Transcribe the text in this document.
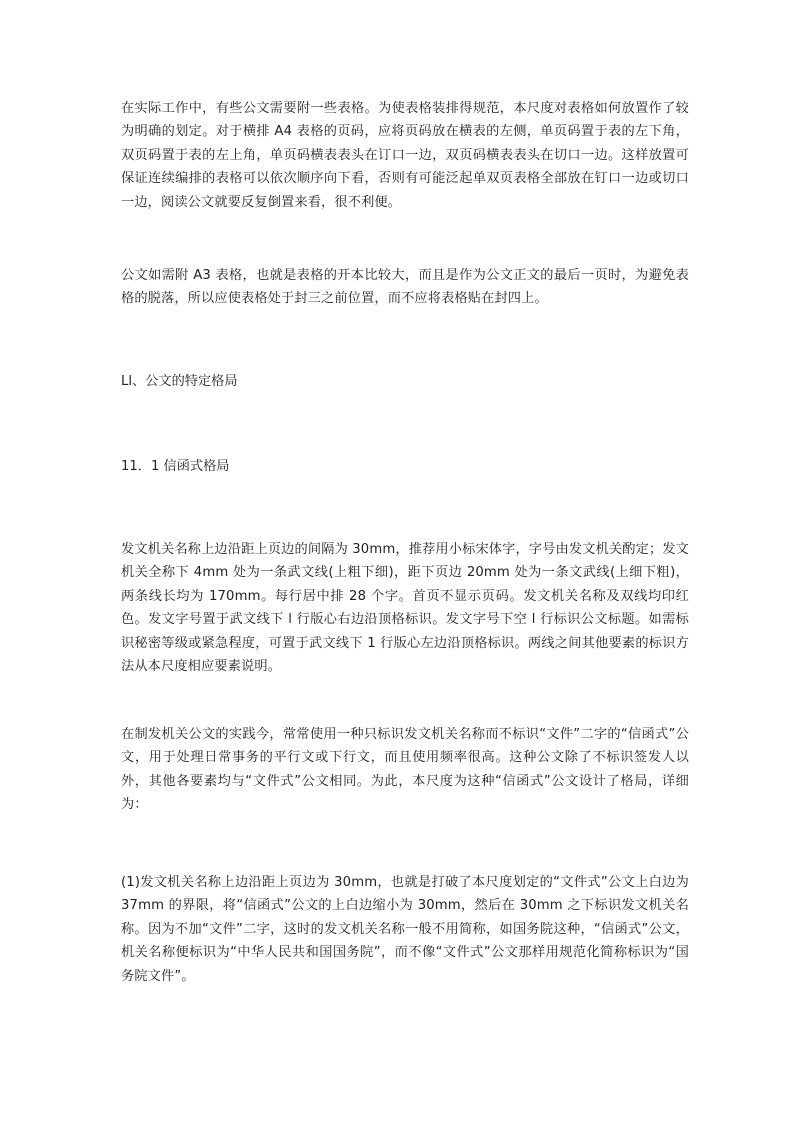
在实际工作中，有些公文需要附一些表格。为使表格装排得规范，本尺度对表格如何放置作了较为明确的划定。对于横排 A4 表格的页码，应将页码放在横表的左侧，单页码置于表的左下角，双页码置于表的左上角，单页码横表表头在订口一边，双页码横表表头在切口一边。这样放置可保证连续编排的表格可以依次顺序向下看，否则有可能泛起单双页表格全部放在钉口一边或切口一边，阅读公文就要反复倒置来看，很不利便。
公文如需附 A3 表格，也就是表格的开本比较大，而且是作为公文正文的最后一页时，为避免表格的脱落，所以应使表格处于封三之前位置，而不应将表格贴在封四上。
Ll、公文的特定格局
11．1 信函式格局
发文机关名称上边沿距上页边的间隔为 30mm，推荐用小标宋体字，字号由发文机关酌定；发文机关全称下 4mm 处为一条武文线(上粗下细)，距下页边 20mm 处为一条文武线(上细下粗)，两条线长均为 170mm。每行居中排 28 个字。首页不显示页码。发文机关名称及双线均印红色。发文字号置于武文线下 l 行版心右边沿顶格标识。发文字号下空 l 行标识公文标题。如需标识秘密等级或紧急程度，可置于武文线下 1 行版心左边沿顶格标识。两线之间其他要素的标识方法从本尺度相应要素说明。
在制发机关公文的实践今，常常使用一种只标识发文机关名称而不标识“文件”二字的“信函式”公文，用于处理日常事务的平行文或下行文，而且使用频率很高。这种公文除了不标识签发人以外，其他各要素均与“文件式”公文相同。为此，本尺度为这种“信函式”公文设计了格局，详细为：
(1)发文机关名称上边沿距上页边为 30mm，也就是打破了本尺度划定的“文件式”公文上白边为 37mm 的界限，将“信函式”公文的上白边缩小为 30mm，然后在 30mm 之下标识发文机关名称。因为不加“文件”二字，这时的发文机关名称一般不用简称，如国务院这种，“信函式”公文，机关名称便标识为“中华人民共和国国务院”，而不像“文件式”公文那样用规范化简称标识为“国务院文件”。
